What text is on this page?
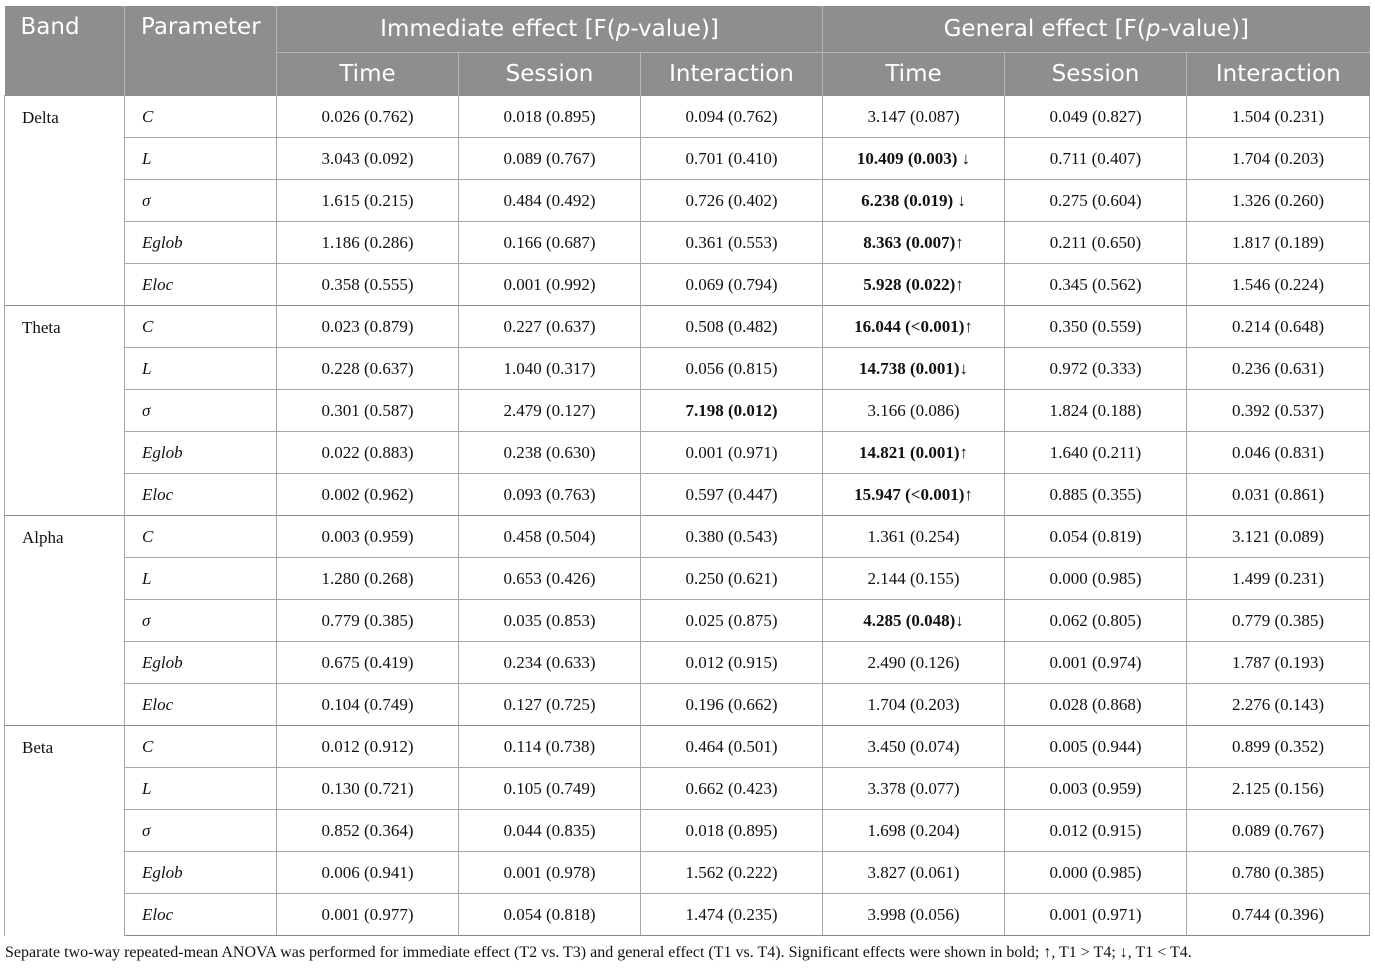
Band	Parameter	Immediate effect [F(p-value)]			General effect [F(p-value)]		
		Time	Session	Interaction	Time	Session	Interaction
Delta	C	0.026 (0.762)	0.018 (0.895)	0.094 (0.762)	3.147 (0.087)	0.049 (0.827)	1.504 (0.231)
	L	3.043 (0.092)	0.089 (0.767)	0.701 (0.410)	10.409 (0.003) ↓	0.711 (0.407)	1.704 (0.203)
	σ	1.615 (0.215)	0.484 (0.492)	0.726 (0.402)	6.238 (0.019) ↓	0.275 (0.604)	1.326 (0.260)
	Eglob	1.186 (0.286)	0.166 (0.687)	0.361 (0.553)	8.363 (0.007)↑	0.211 (0.650)	1.817 (0.189)
	Eloc	0.358 (0.555)	0.001 (0.992)	0.069 (0.794)	5.928 (0.022)↑	0.345 (0.562)	1.546 (0.224)
Theta	C	0.023 (0.879)	0.227 (0.637)	0.508 (0.482)	16.044 (<0.001)↑	0.350 (0.559)	0.214 (0.648)
	L	0.228 (0.637)	1.040 (0.317)	0.056 (0.815)	14.738 (0.001)↓	0.972 (0.333)	0.236 (0.631)
	σ	0.301 (0.587)	2.479 (0.127)	7.198 (0.012)	3.166 (0.086)	1.824 (0.188)	0.392 (0.537)
	Eglob	0.022 (0.883)	0.238 (0.630)	0.001 (0.971)	14.821 (0.001)↑	1.640 (0.211)	0.046 (0.831)
	Eloc	0.002 (0.962)	0.093 (0.763)	0.597 (0.447)	15.947 (<0.001)↑	0.885 (0.355)	0.031 (0.861)
Alpha	C	0.003 (0.959)	0.458 (0.504)	0.380 (0.543)	1.361 (0.254)	0.054 (0.819)	3.121 (0.089)
	L	1.280 (0.268)	0.653 (0.426)	0.250 (0.621)	2.144 (0.155)	0.000 (0.985)	1.499 (0.231)
	σ	0.779 (0.385)	0.035 (0.853)	0.025 (0.875)	4.285 (0.048)↓	0.062 (0.805)	0.779 (0.385)
	Eglob	0.675 (0.419)	0.234 (0.633)	0.012 (0.915)	2.490 (0.126)	0.001 (0.974)	1.787 (0.193)
	Eloc	0.104 (0.749)	0.127 (0.725)	0.196 (0.662)	1.704 (0.203)	0.028 (0.868)	2.276 (0.143)
Beta	C	0.012 (0.912)	0.114 (0.738)	0.464 (0.501)	3.450 (0.074)	0.005 (0.944)	0.899 (0.352)
	L	0.130 (0.721)	0.105 (0.749)	0.662 (0.423)	3.378 (0.077)	0.003 (0.959)	2.125 (0.156)
	σ	0.852 (0.364)	0.044 (0.835)	0.018 (0.895)	1.698 (0.204)	0.012 (0.915)	0.089 (0.767)
	Eglob	0.006 (0.941)	0.001 (0.978)	1.562 (0.222)	3.827 (0.061)	0.000 (0.985)	0.780 (0.385)
	Eloc	0.001 (0.977)	0.054 (0.818)	1.474 (0.235)	3.998 (0.056)	0.001 (0.971)	0.744 (0.396)
Separate two-way repeated-mean ANOVA was performed for immediate effect (T2 vs. T3) and general effect (T1 vs. T4). Significant effects were shown in bold; ↑, T1 > T4; ↓, T1 < T4.
